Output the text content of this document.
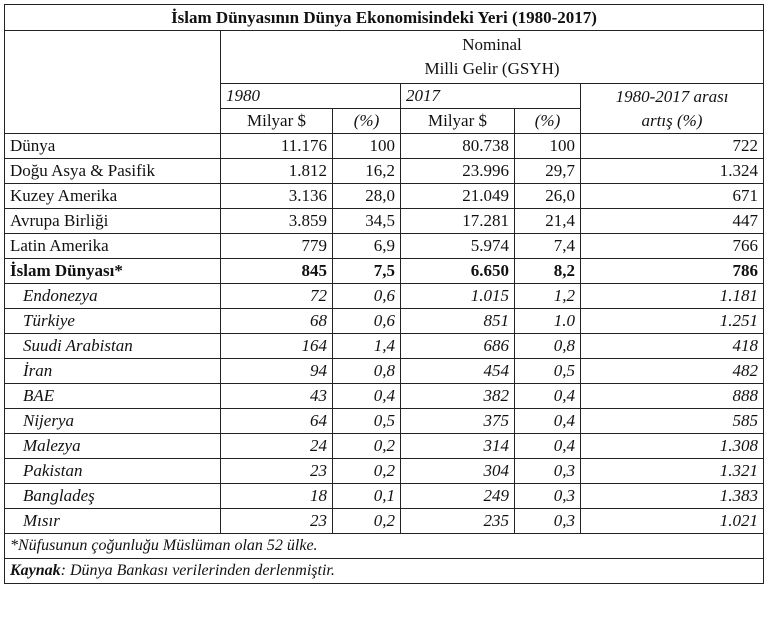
İslam Dünyasının Dünya Ekonomisindeki Yeri (1980-2017)					
	Nominal
Milli Gelir (GSYH)				
	1980		2017		1980-2017 arası
artış (%)
	Milyar $	(%)	Milyar $	(%)	
Dünya	11.176	100	80.738	100	722
Doğu Asya & Pasifik	1.812	16,2	23.996	29,7	1.324
Kuzey Amerika	3.136	28,0	21.049	26,0	671
Avrupa Birliği	3.859	34,5	17.281	21,4	447
Latin Amerika	779	6,9	5.974	7,4	766
İslam Dünyası*	845	7,5	6.650	8,2	786
Endonezya	72	0,6	1.015	1,2	1.181
Türkiye	68	0,6	851	1.0	1.251
Suudi Arabistan	164	1,4	686	0,8	418
İran	94	0,8	454	0,5	482
BAE	43	0,4	382	0,4	888
Nijerya	64	0,5	375	0,4	585
Malezya	24	0,2	314	0,4	1.308
Pakistan	23	0,2	304	0,3	1.321
Bangladeş	18	0,1	249	0,3	1.383
Mısır	23	0,2	235	0,3	1.021
*Nüfusunun çoğunluğu Müslüman olan 52 ülke.					
Kaynak: Dünya Bankası verilerinden derlenmiştir.					
